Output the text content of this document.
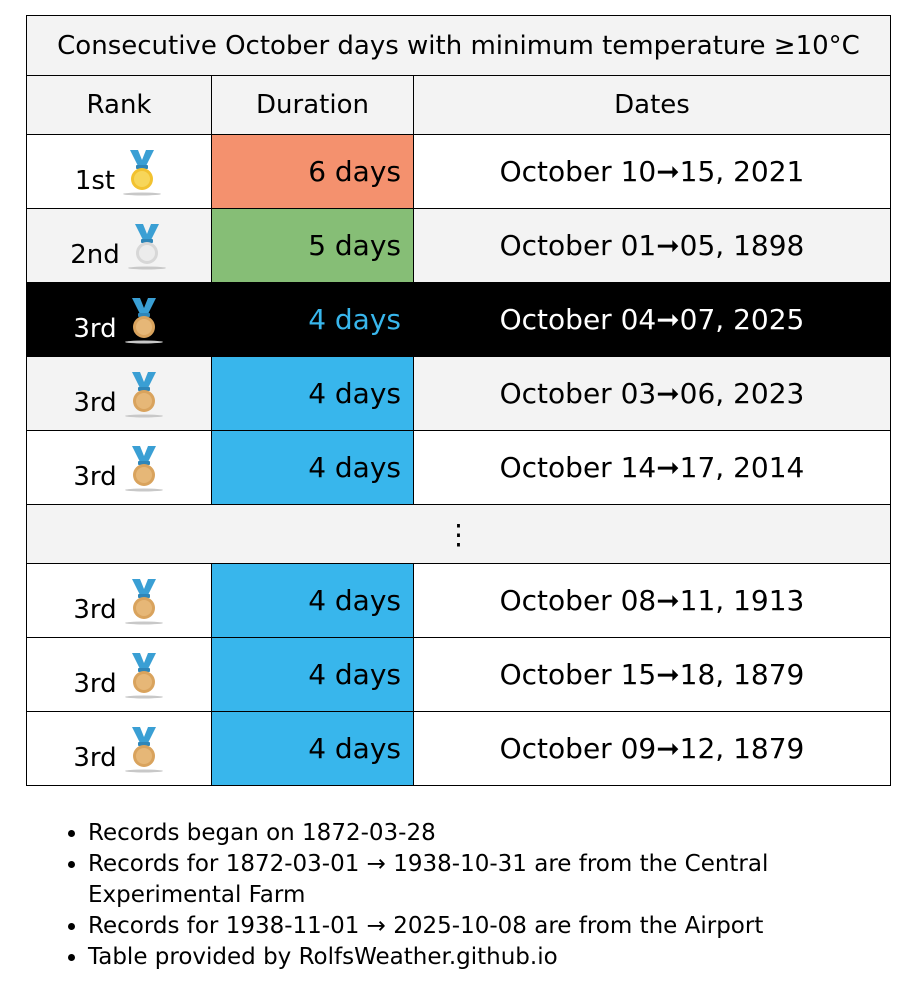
Consecutive October days with minimum temperature ≥10°C		
Rank	Duration	Dates

1st	6 days	October 10➞15, 2021

2nd	5 days	October 01➞05, 1898

3rd	4 days	October 04➞07, 2025

3rd	4 days	October 03➞06, 2023

3rd	4 days	October 14➞17, 2014
⋮		

3rd	4 days	October 08➞11, 1913

3rd	4 days	October 15➞18, 1879

3rd	4 days	October 09➞12, 1879
• Records began on 1872-03-28
• Records for 1872-03-01 → 1938-10-31 are from the Central Experimental Farm
• Records for 1938-11-01 → 2025-10-08 are from the Airport
• Table provided by RolfsWeather.github.io
